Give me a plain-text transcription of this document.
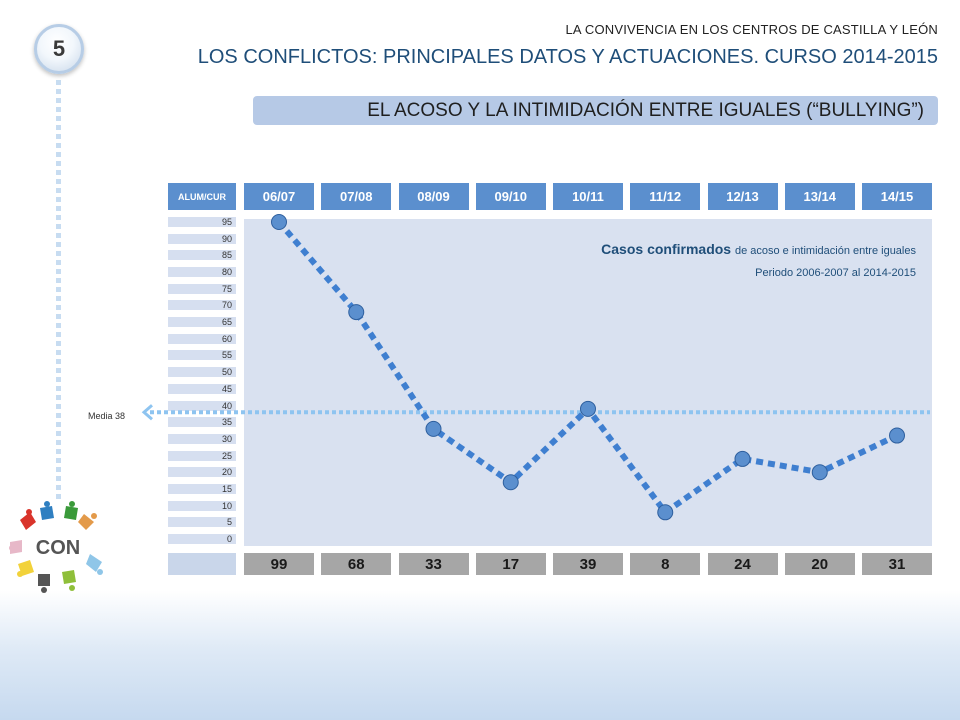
5
LA CONVIVENCIA EN LOS CENTROS DE CASTILLA Y LEÓN
LOS CONFLICTOS: PRINCIPALES DATOS Y ACTUACIONES. CURSO 2014-2015
EL ACOSO Y LA INTIMIDACIÓN ENTRE IGUALES (“BULLYING”)
ALUM/CUR	06/07	07/08	08/09	09/10	10/11	11/12	12/13	13/14	14/15
95
90
85
80
75
70
65
60
55
50
45
40
35
30
25
20
15
10
5
0
Casos confirmados de acoso e intimidación entre iguales
Periodo 2006-2007 al 2014-2015
Media 38
99	68	33	17	39	8	24	20	31
CON
